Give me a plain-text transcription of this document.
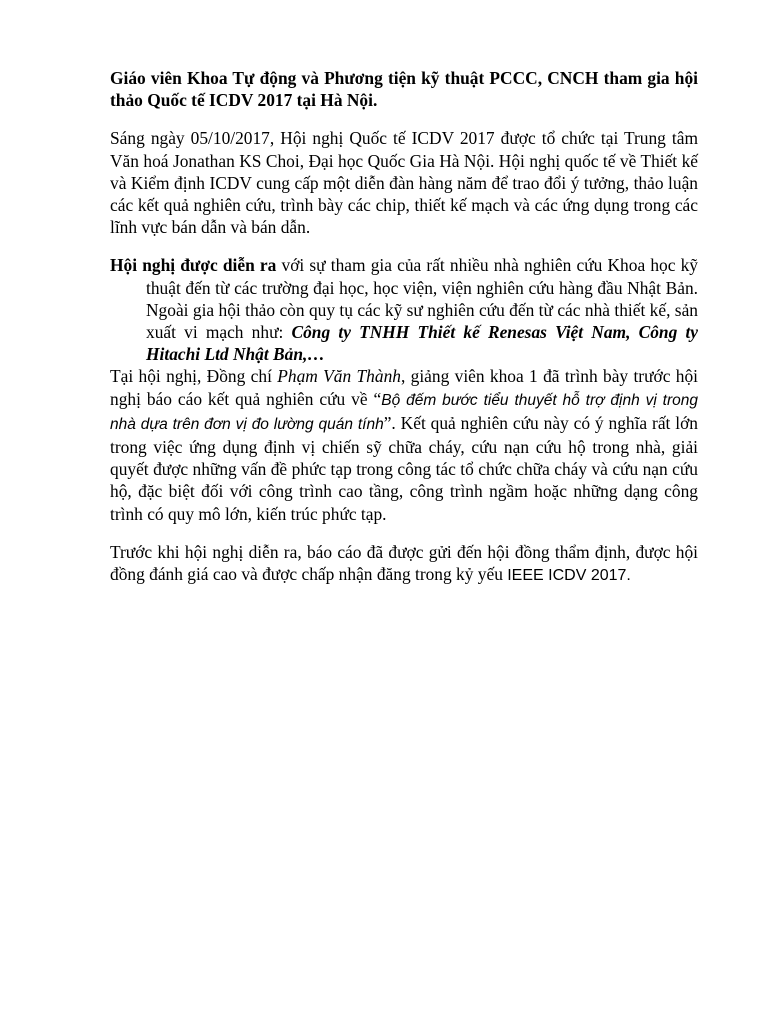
Giáo viên Khoa Tự động và Phương tiện kỹ thuật PCCC, CNCH tham gia hội thảo Quốc tế ICDV 2017 tại Hà Nội.

Sáng ngày 05/10/2017, Hội nghị Quốc tế ICDV 2017 được tổ chức tại Trung tâm Văn hoá Jonathan KS Choi, Đại học Quốc Gia Hà Nội. Hội nghị quốc tế về Thiết kế và Kiểm định ICDV cung cấp một diễn đàn hàng năm để trao đổi ý tưởng, thảo luận các kết quả nghiên cứu, trình bày các chip, thiết kế mạch và các ứng dụng trong các lĩnh vực bán dẫn và bán dẫn.

Hội nghị được diễn ra với sự tham gia của rất nhiều nhà nghiên cứu Khoa học kỹ thuật đến từ các trường đại học, học viện, viện nghiên cứu hàng đầu Nhật Bản. Ngoài gia hội thảo còn quy tụ các kỹ sư nghiên cứu đến từ các nhà thiết kế, sản xuất vi mạch như: Công ty TNHH Thiết kế Renesas Việt Nam, Công ty Hitachi Ltd Nhật Bản,…

Tại hội nghị, Đồng chí Phạm Văn Thành, giảng viên khoa 1 đã trình bày trước hội nghị báo cáo kết quả nghiên cứu về “Bộ đếm bước tiểu thuyết hỗ trợ định vị trong nhà dựa trên đơn vị đo lường quán tính”. Kết quả nghiên cứu này có ý nghĩa rất lớn trong việc ứng dụng định vị chiến sỹ chữa cháy, cứu nạn cứu hộ trong nhà, giải quyết được những vấn đề phức tạp trong công tác tổ chức chữa cháy và cứu nạn cứu hộ, đặc biệt đối với công trình cao tầng, công trình ngầm hoặc những dạng công trình có quy mô lớn, kiến trúc phức tạp.

Trước khi hội nghị diễn ra, báo cáo đã được gửi đến hội đồng thẩm định, được hội đồng đánh giá cao và được chấp nhận đăng trong kỷ yếu IEEE ICDV 2017.
